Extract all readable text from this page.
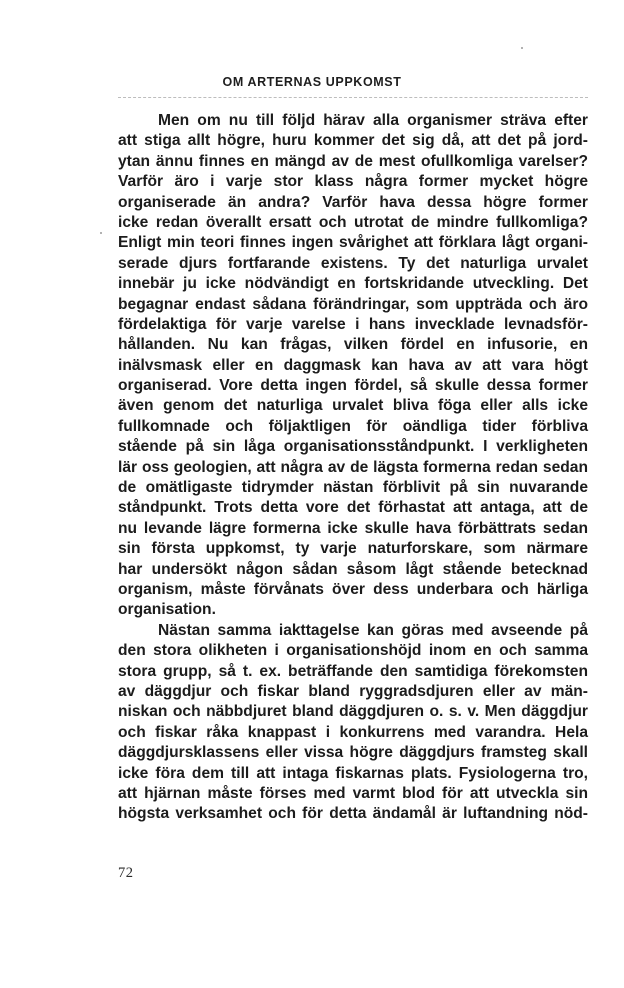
OM ARTERNAS UPPKOMST
Men om nu till följd härav alla organismer sträva efter
att stiga allt högre, huru kommer det sig då, att det på jord-
ytan ännu finnes en mängd av de mest ofullkomliga varelser?
Varför äro i varje stor klass några former mycket högre
organiserade än andra? Varför hava dessa högre former
icke redan överallt ersatt och utrotat de mindre fullkomliga?
Enligt min teori finnes ingen svårighet att förklara lågt organi-
serade djurs fortfarande existens. Ty det naturliga urvalet
innebär ju icke nödvändigt en fortskridande utveckling. Det
begagnar endast sådana förändringar, som uppträda och äro
fördelaktiga för varje varelse i hans invecklade levnadsför-
hållanden. Nu kan frågas, vilken fördel en infusorie, en
inälvsmask eller en daggmask kan hava av att vara högt
organiserad. Vore detta ingen fördel, så skulle dessa former
även genom det naturliga urvalet bliva föga eller alls icke
fullkomnade och följaktligen för oändliga tider förbliva
stående på sin låga organisationsståndpunkt. I verkligheten
lär oss geologien, att några av de lägsta formerna redan sedan
de omätligaste tidrymder nästan förblivit på sin nuvarande
ståndpunkt. Trots detta vore det förhastat att antaga, att de
nu levande lägre formerna icke skulle hava förbättrats sedan
sin första uppkomst, ty varje naturforskare, som närmare
har undersökt någon sådan såsom lågt stående betecknad
organism, måste förvånats över dess underbara och härliga
organisation.
Nästan samma iakttagelse kan göras med avseende på
den stora olikheten i organisationshöjd inom en och samma
stora grupp, så t. ex. beträffande den samtidiga förekomsten
av däggdjur och fiskar bland ryggradsdjuren eller av män-
niskan och näbbdjuret bland däggdjuren o. s. v. Men däggdjur
och fiskar råka knappast i konkurrens med varandra. Hela
däggdjursklassens eller vissa högre däggdjurs framsteg skall
icke föra dem till att intaga fiskarnas plats. Fysiologerna tro,
att hjärnan måste förses med varmt blod för att utveckla sin
högsta verksamhet och för detta ändamål är luftandning nöd-
72
